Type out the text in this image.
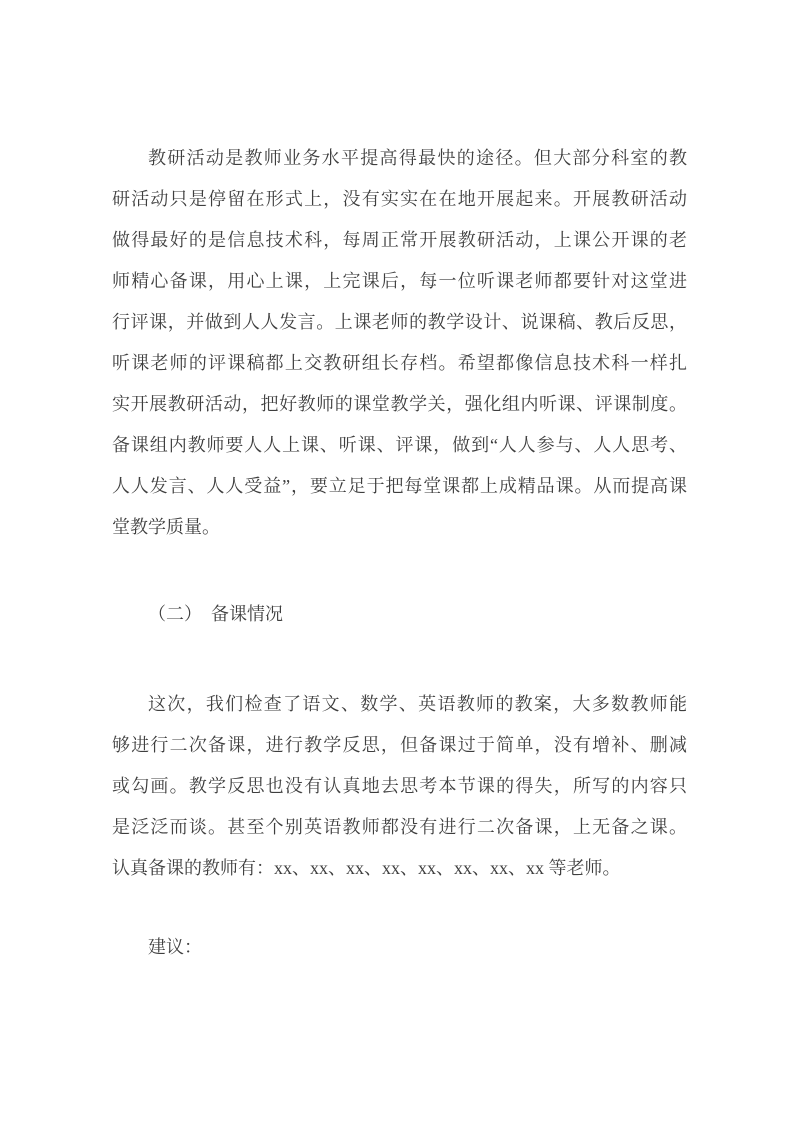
教研活动是教师业务水平提高得最快的途径。但大部分科室的教
研活动只是停留在形式上，没有实实在在地开展起来。开展教研活动
做得最好的是信息技术科，每周正常开展教研活动，上课公开课的老
师精心备课，用心上课，上完课后，每一位听课老师都要针对这堂进
行评课，并做到人人发言。上课老师的教学设计、说课稿、教后反思，
听课老师的评课稿都上交教研组长存档。希望都像信息技术科一样扎
实开展教研活动，把好教师的课堂教学关，强化组内听课、评课制度。
备课组内教师要人人上课、听课、评课，做到“人人参与、人人思考、
人人发言、人人受益”，要立足于把每堂课都上成精品课。从而提高课
堂教学质量。
（二）　备课情况
这次，我们检查了语文、数学、英语教师的教案，大多数教师能
够进行二次备课，进行教学反思，但备课过于简单，没有增补、删减
或勾画。教学反思也没有认真地去思考本节课的得失，所写的内容只
是泛泛而谈。甚至个别英语教师都没有进行二次备课，上无备之课。
认真备课的教师有：xx、xx、xx、xx、xx、xx、xx、xx 等老师。
建议：
